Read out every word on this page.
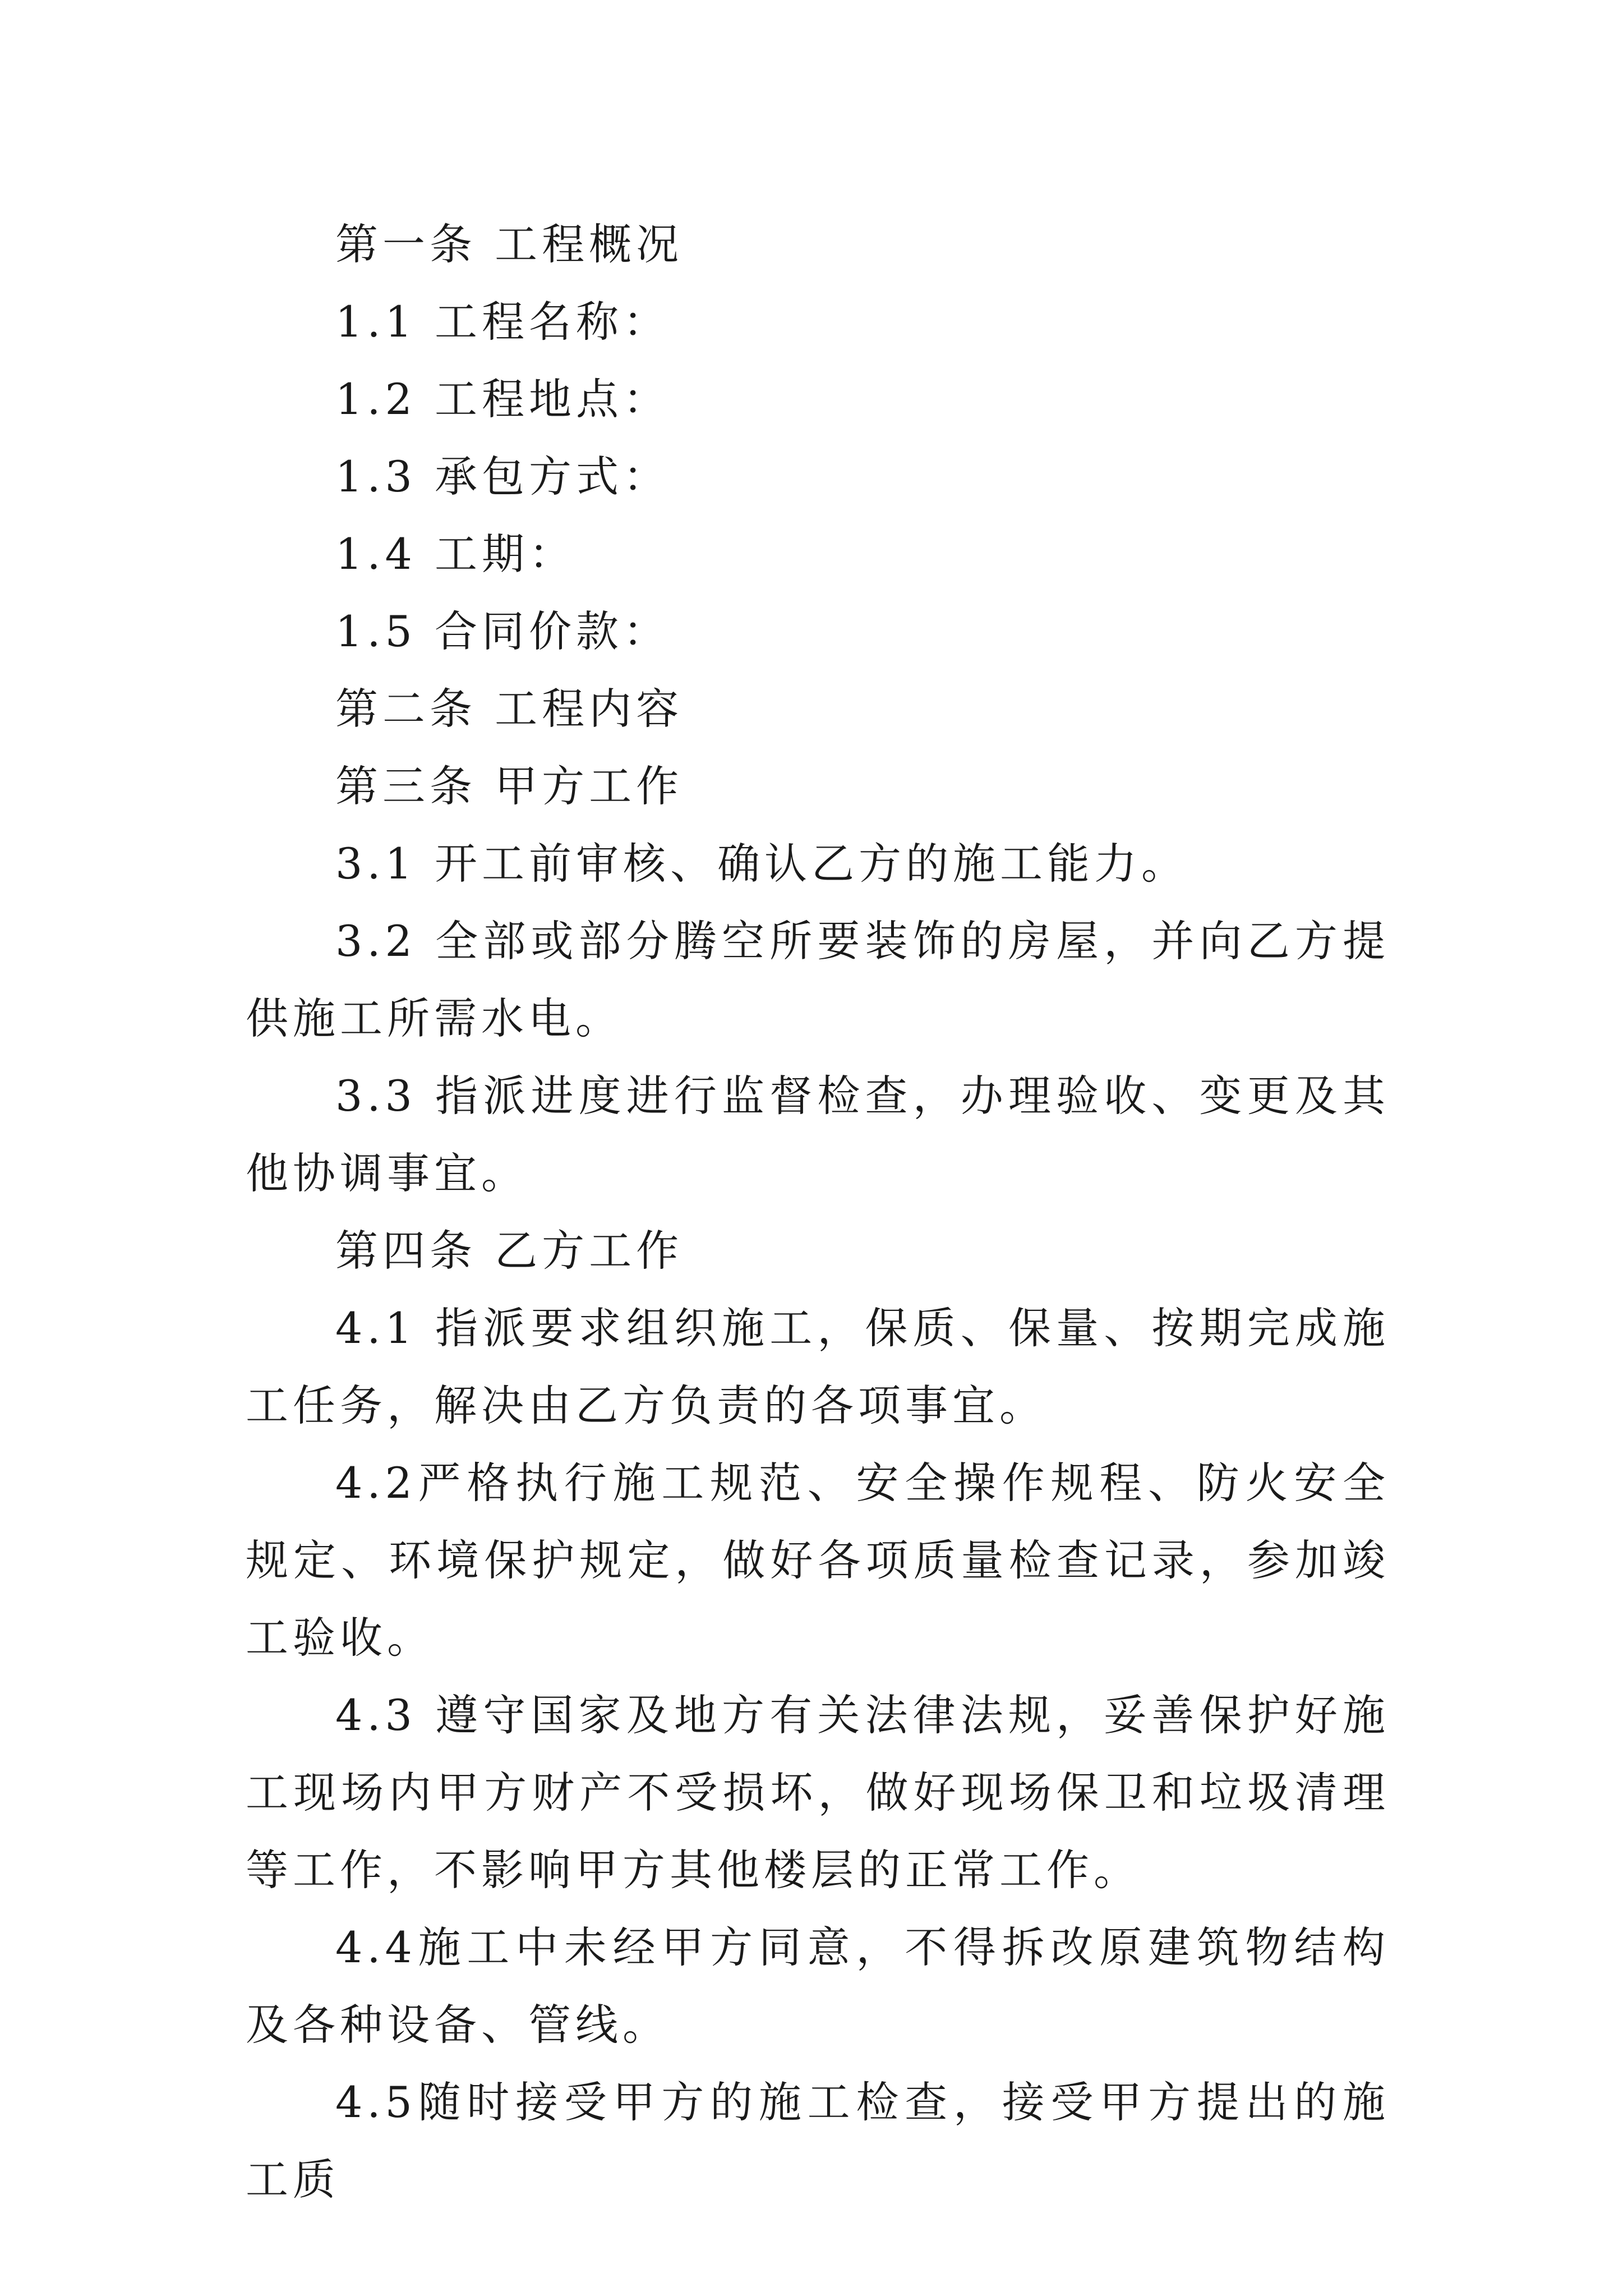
第一条 工程概况

1.1 工程名称：

1.2 工程地点：

1.3 承包方式：

1.4 工期：

1.5 合同价款：

第二条 工程内容

第三条 甲方工作

3.1 开工前审核、确认乙方的施工能力。

3.2 全部或部分腾空所要装饰的房屋，并向乙方提供施工所需水电。

3.3 指派进度进行监督检查，办理验收、变更及其他协调事宜。

第四条 乙方工作

4.1 指派要求组织施工，保质、保量、按期完成施工任务，解决由乙方负责的各项事宜。

4.2严格执行施工规范、安全操作规程、防火安全规定、环境保护规定，做好各项质量检查记录，参加竣工验收。

4.3 遵守国家及地方有关法律法规，妥善保护好施工现场内甲方财产不受损坏，做好现场保卫和垃圾清理等工作，不影响甲方其他楼层的正常工作。

4.4施工中未经甲方同意，不得拆改原建筑物结构及各种设备、管线。

4.5随时接受甲方的施工检查，接受甲方提出的施工质
